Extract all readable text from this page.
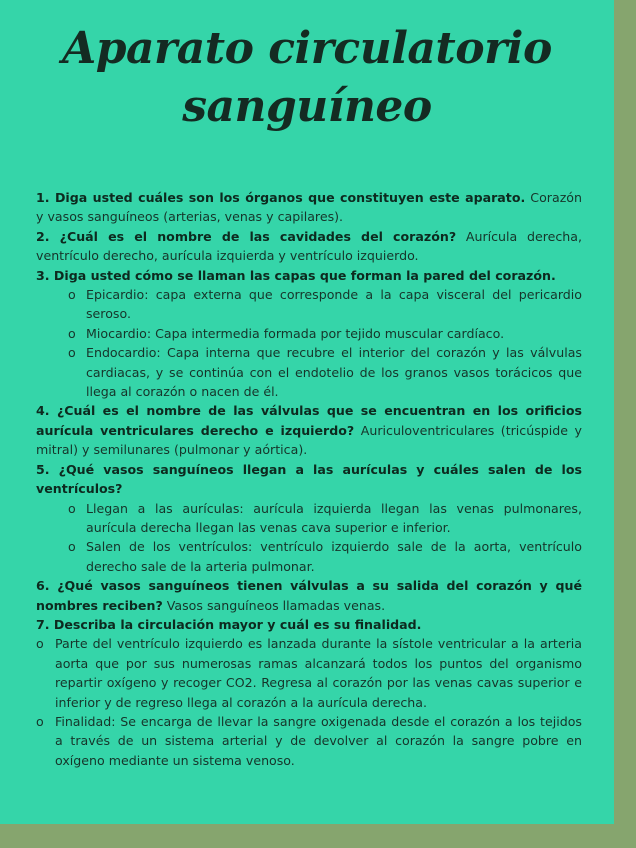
Aparato circulatorio
sanguíneo

1. Diga usted cuáles son los órganos que constituyen este aparato. Corazón y vasos sanguíneos (arterias, venas y capilares).

2. ¿Cuál es el nombre de las cavidades del corazón? Aurícula derecha, ventrículo derecho, aurícula izquierda y ventrículo izquierdo.

3. Diga usted cómo se llaman las capas que forman la pared del corazón.

o Epicardio: capa externa que corresponde a la capa visceral del pericardio seroso.
o Miocardio: Capa intermedia formada por tejido muscular cardíaco.
o Endocardio: Capa interna que recubre el interior del corazón y las válvulas cardiacas, y se continúa con el endotelio de los granos vasos torácicos que llega al corazón o nacen de él.

4. ¿Cuál es el nombre de las válvulas que se encuentran en los orificios aurícula ventriculares derecho e izquierdo? Auriculoventriculares (tricúspide y mitral) y semilunares (pulmonar y aórtica).

5. ¿Qué vasos sanguíneos llegan a las aurículas y cuáles salen de los ventrículos?

o Llegan a las aurículas: aurícula izquierda llegan las venas pulmonares, aurícula derecha llegan las venas cava superior e inferior.
o Salen de los ventrículos: ventrículo izquierdo sale de la aorta, ventrículo derecho sale de la arteria pulmonar.

6. ¿Qué vasos sanguíneos tienen válvulas a su salida del corazón y qué nombres reciben? Vasos sanguíneos llamadas venas.

7. Describa la circulación mayor y cuál es su finalidad.

o Parte del ventrículo izquierdo es lanzada durante la sístole ventricular a la arteria aorta que por sus numerosas ramas alcanzará todos los puntos del organismo repartir oxígeno y recoger CO2. Regresa al corazón por las venas cavas superior e inferior y de regreso llega al corazón a la aurícula derecha.
o Finalidad: Se encarga de llevar la sangre oxigenada desde el corazón a los tejidos a través de un sistema arterial y de devolver al corazón la sangre pobre en oxígeno mediante un sistema venoso.
